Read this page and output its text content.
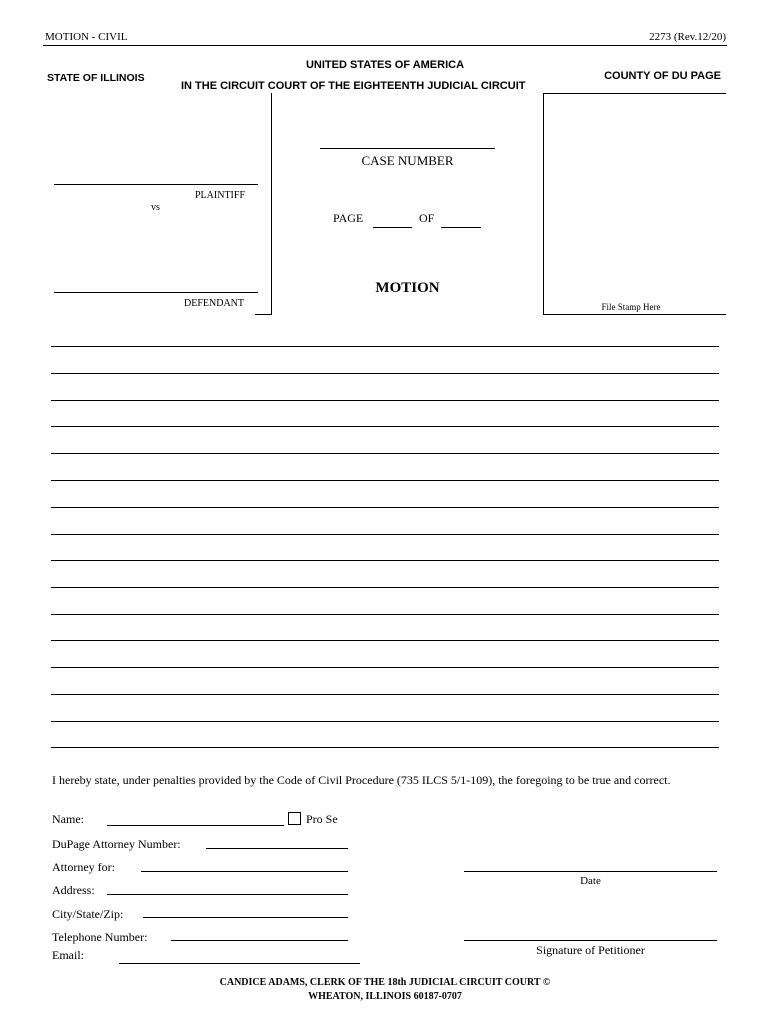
MOTION - CIVIL	2273 (Rev.12/20)
UNITED STATES OF AMERICA
STATE OF ILLINOIS
IN THE CIRCUIT COURT OF THE EIGHTEENTH JUDICIAL CIRCUIT
COUNTY OF DU PAGE
PLAINTIFF
vs
DEFENDANT
CASE NUMBER
PAGE	OF
MOTION
File Stamp Here
I hereby state, under penalties provided by the Code of Civil Procedure (735 ILCS 5/1-109), the foregoing to be true and correct.
Name:	Pro Se
DuPage Attorney Number:
Attorney for:
Address:
City/State/Zip:
Telephone Number:
Email:
Date
Signature of Petitioner
CANDICE ADAMS, CLERK OF THE 18th JUDICIAL CIRCUIT COURT ©
WHEATON, ILLINOIS 60187-0707
